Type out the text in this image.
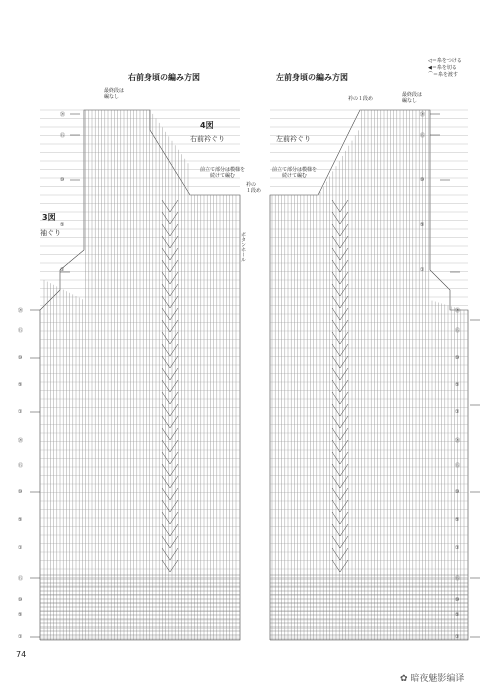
右前身頃の編み方図	左前身頃の編み方図
◁＝糸をつける
◀＝糸を切る
⌒＝糸を渡す
最終段は
編なし	最終段は
編なし
衿の１段め
4図
右前衿ぐり	左前衿ぐり
前立て部分は模様を
続けて編む
前立て部分は模様を
続けて編む
衿の
１段め
ボタンホール
3図
袖ぐり
⑳
⑮
⑩
⑤
①
⑳
⑮
⑩
⑤
①
⑳
⑮
⑩
⑤
①
⑮
⑩
⑤
①
⑳
⑮
⑩
⑤
①
⑳
⑮
⑩
⑤
①
⑳
⑮
⑩
⑤
①
⑮
⑩
⑤
①
74
✿ 暗夜魅影编译
